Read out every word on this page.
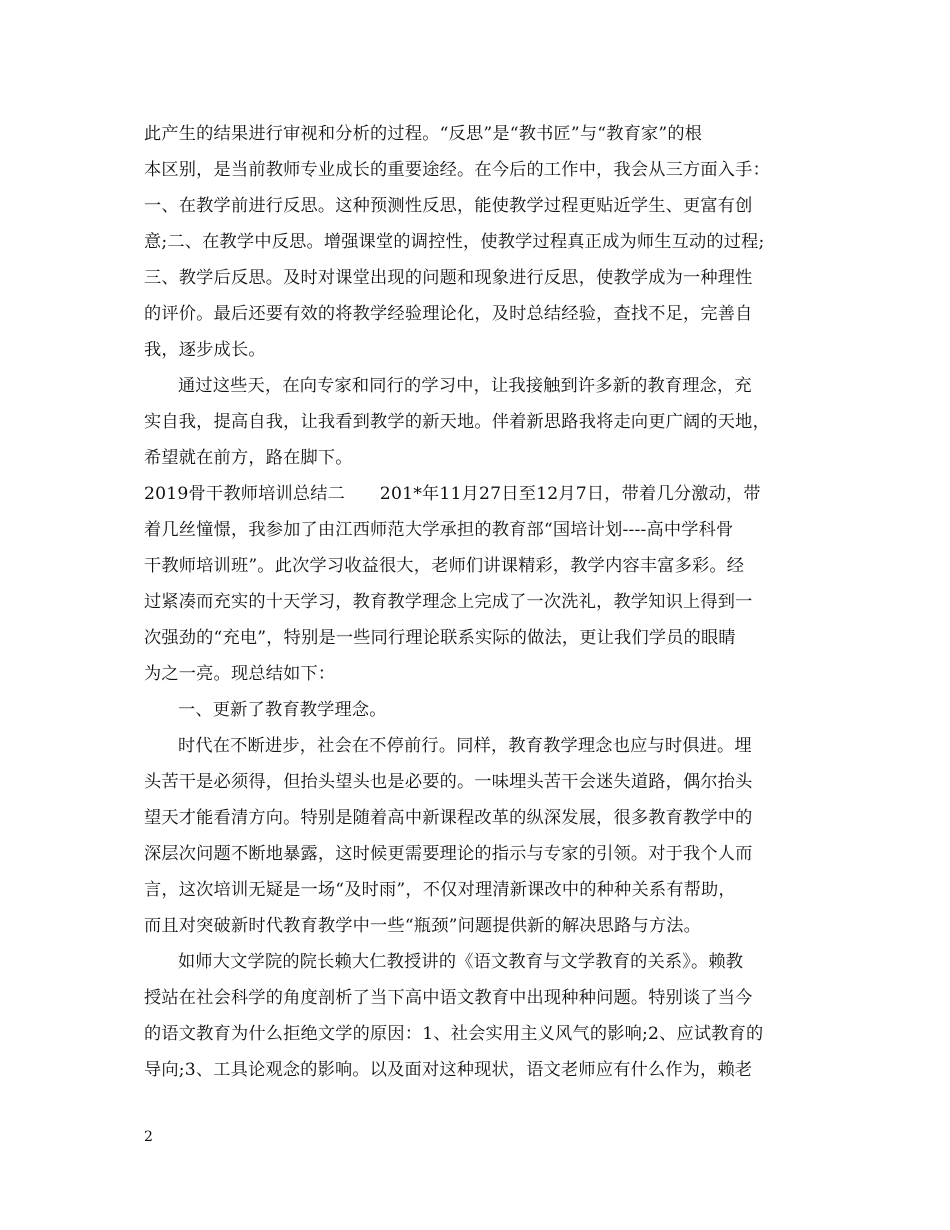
此产生的结果进行审视和分析的过程。“反思”是“教书匠”与“教育家”的根
本区别，是当前教师专业成长的重要途经。在今后的工作中，我会从三方面入手：
一、在教学前进行反思。这种预测性反思，能使教学过程更贴近学生、更富有创
意;二、在教学中反思。增强课堂的调控性，使教学过程真正成为师生互动的过程;
三、教学后反思。及时对课堂出现的问题和现象进行反思，使教学成为一种理性
的评价。最后还要有效的将教学经验理论化，及时总结经验，查找不足，完善自
我，逐步成长。
通过这些天，在向专家和同行的学习中，让我接触到许多新的教育理念，充
实自我，提高自我，让我看到教学的新天地。伴着新思路我将走向更广阔的天地，
希望就在前方，路在脚下。
2019骨干教师培训总结二　　201*年11月27日至12月7日，带着几分激动，带
着几丝憧憬，我参加了由江西师范大学承担的教育部“国培计划----高中学科骨
干教师培训班”。此次学习收益很大，老师们讲课精彩，教学内容丰富多彩。经
过紧凑而充实的十天学习，教育教学理念上完成了一次洗礼，教学知识上得到一
次强劲的“充电”，特别是一些同行理论联系实际的做法，更让我们学员的眼睛
为之一亮。现总结如下：
一、更新了教育教学理念。
时代在不断进步，社会在不停前行。同样，教育教学理念也应与时俱进。埋
头苦干是必须得，但抬头望头也是必要的。一味埋头苦干会迷失道路，偶尔抬头
望天才能看清方向。特别是随着高中新课程改革的纵深发展，很多教育教学中的
深层次问题不断地暴露，这时候更需要理论的指示与专家的引领。对于我个人而
言，这次培训无疑是一场“及时雨”，不仅对理清新课改中的种种关系有帮助，
而且对突破新时代教育教学中一些“瓶颈”问题提供新的解决思路与方法。
如师大文学院的院长赖大仁教授讲的《语文教育与文学教育的关系》。赖教
授站在社会科学的角度剖析了当下高中语文教育中出现种种问题。特别谈了当今
的语文教育为什么拒绝文学的原因：1、社会实用主义风气的影响;2、应试教育的
导向;3、工具论观念的影响。以及面对这种现状，语文老师应有什么作为，赖老
2
